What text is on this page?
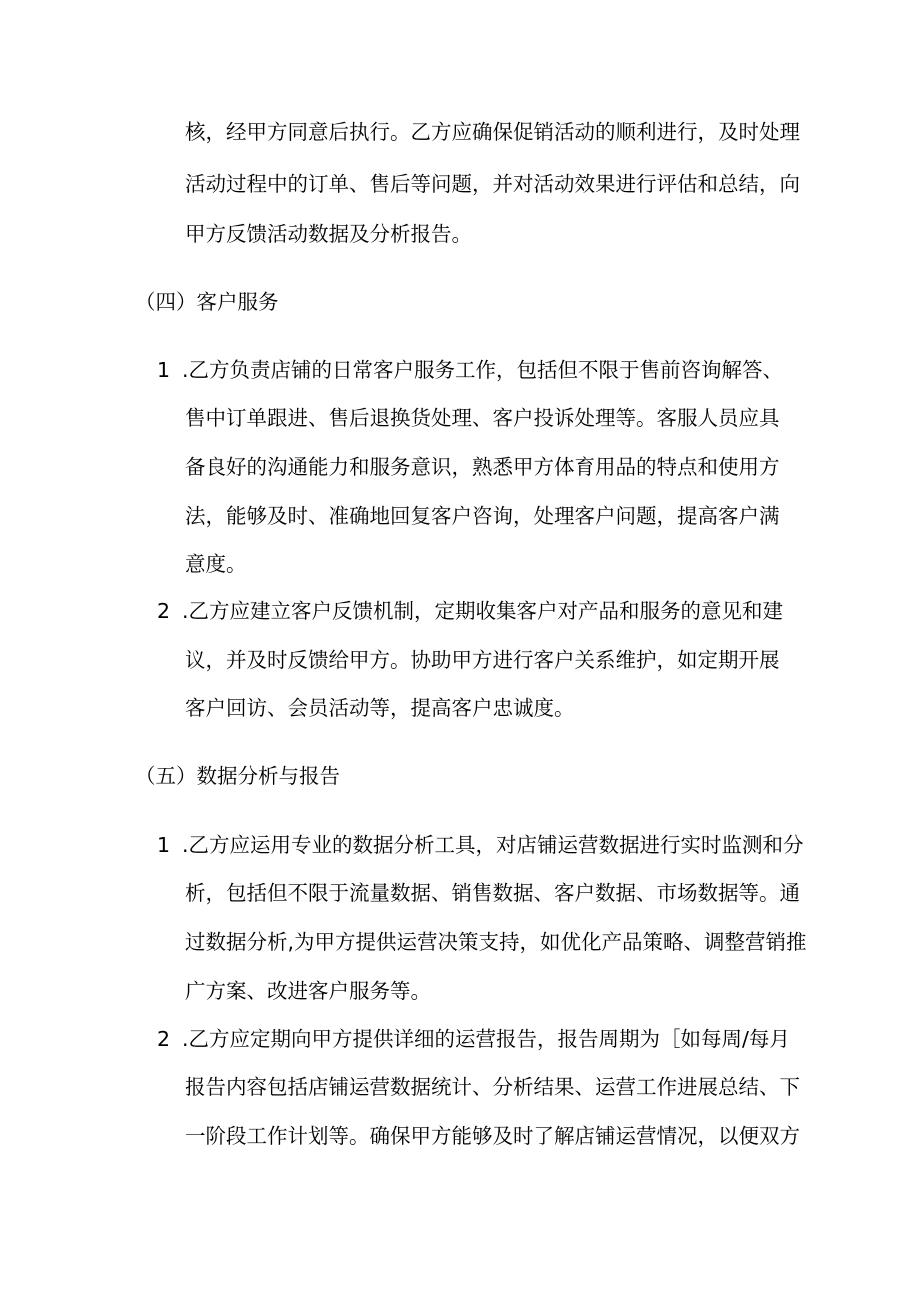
核，经甲方同意后执行。乙方应确保促销活动的顺利进行，及时处理
活动过程中的订单、售后等问题，并对活动效果进行评估和总结，向
甲方反馈活动数据及分析报告。
（四）客户服务
1 .乙方负责店铺的日常客户服务工作，包括但不限于售前咨询解答、
售中订单跟进、售后退换货处理、客户投诉处理等。客服人员应具
备良好的沟通能力和服务意识，熟悉甲方体育用品的特点和使用方
法，能够及时、准确地回复客户咨询，处理客户问题，提高客户满
意度。
2 .乙方应建立客户反馈机制，定期收集客户对产品和服务的意见和建
议，并及时反馈给甲方。协助甲方进行客户关系维护，如定期开展
客户回访、会员活动等，提高客户忠诚度。
（五）数据分析与报告
1 .乙方应运用专业的数据分析工具，对店铺运营数据进行实时监测和分
析，包括但不限于流量数据、销售数据、客户数据、市场数据等。通
过数据分析,为甲方提供运营决策支持，如优化产品策略、调整营销推
广方案、改进客户服务等。
2 .乙方应定期向甲方提供详细的运营报告，报告周期为［如每周/每月
报告内容包括店铺运营数据统计、分析结果、运营工作进展总结、下
一阶段工作计划等。确保甲方能够及时了解店铺运营情况，以便双方
